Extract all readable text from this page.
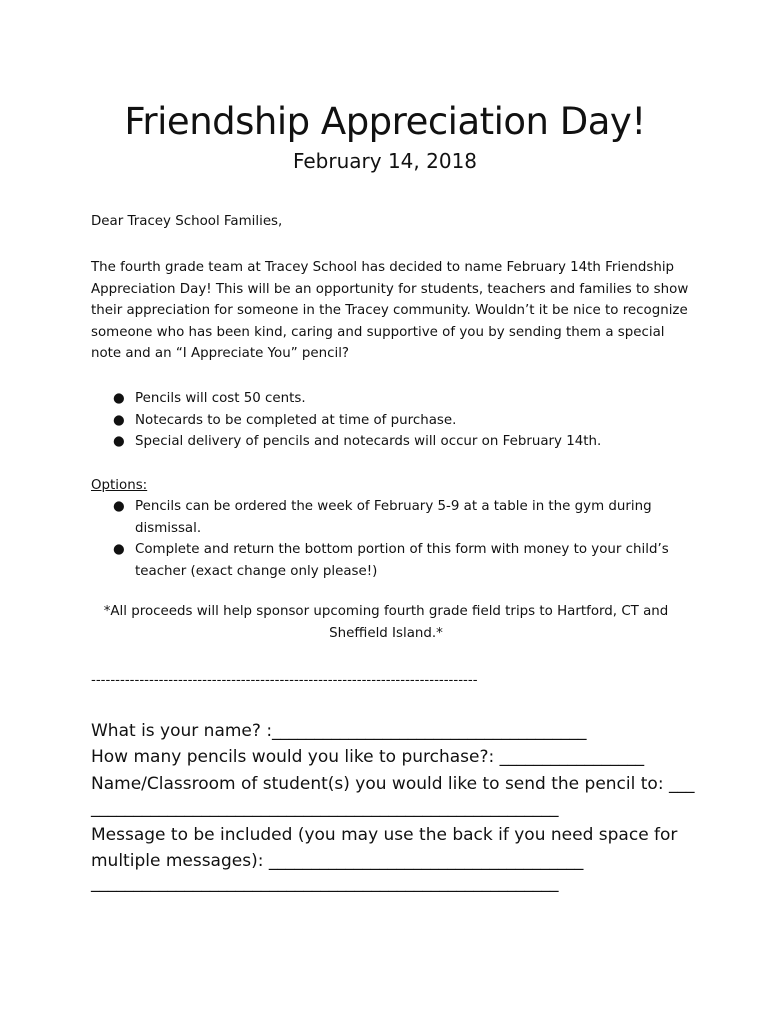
Friendship Appreciation Day!
February 14, 2018
Dear Tracey School Families,
The fourth grade team at Tracey School has decided to name February 14th Friendship Appreciation Day! This will be an opportunity for students, teachers and families to show their appreciation for someone in the Tracey community. Wouldn’t it be nice to recognize someone who has been kind, caring and supportive of you by sending them a special note and an “I Appreciate You” pencil?
● Pencils will cost 50 cents.
● Notecards to be completed at time of purchase.
● Special delivery of pencils and notecards will occur on February 14th.
Options:
● Pencils can be ordered the week of February 5-9 at a table in the gym during dismissal.
● Complete and return the bottom portion of this form with money to your child’s teacher (exact change only please!)
*All proceeds will help sponsor upcoming fourth grade field trips to Hartford, CT and Sheffield Island.*
--------------------------------------------------------------------------------
What is your name? :_____________________________________
How many pencils would you like to purchase?: _________________
Name/Classroom of student(s) you would like to send the pencil to: ___
_______________________________________________________
Message to be included (you may use the back if you need space for
multiple messages): _____________________________________
_______________________________________________________
